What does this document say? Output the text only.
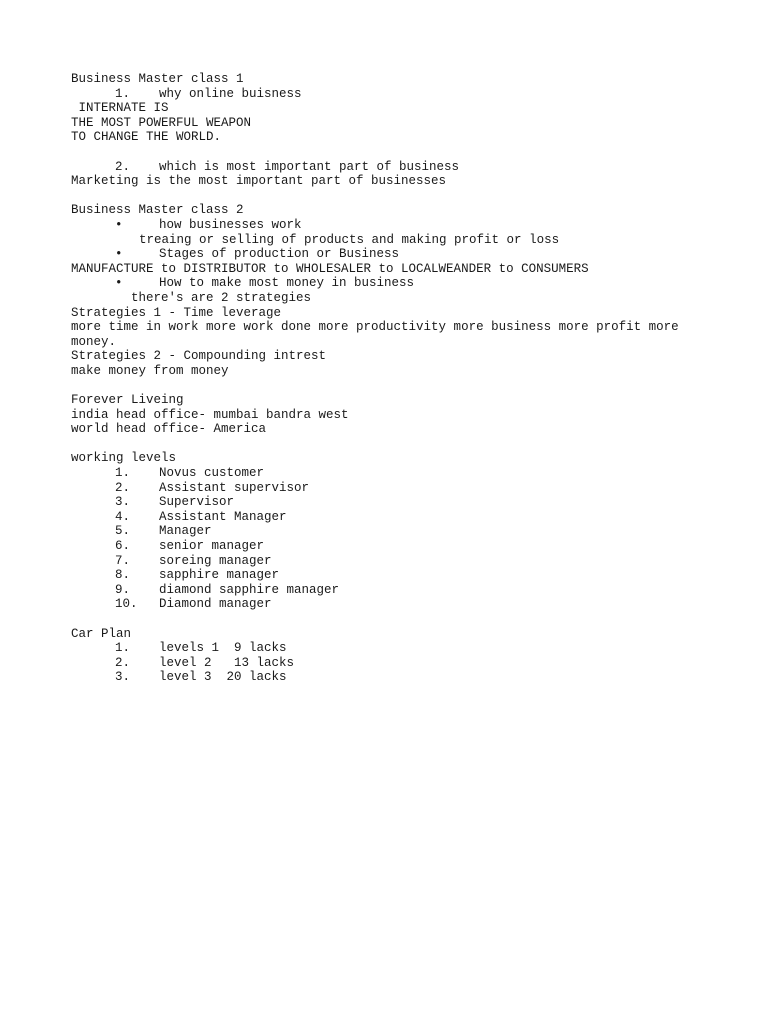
Business Master class 1
1. why online buisness
INTERNATE IS
THE MOST POWERFUL WEAPON
TO CHANGE THE WORLD.
2. which is most important part of business
Marketing is the most important part of businesses
Business Master class 2
•	how businesses work
treaing or selling of products and making profit or loss
•	Stages of production or Business
MANUFACTURE to DISTRIBUTOR to WHOLESALER to LOCALWEANDER to CONSUMERS
•	How to make most money in business
there's are 2 strategies
Strategies 1 - Time leverage
more time in work more work done more productivity more business more profit more money.
Strategies 2 - Compounding intrest
make money from money
Forever Liveing
india head office- mumbai bandra west
world head office- America
working levels
1. Novus customer
2. Assistant supervisor
3. Supervisor
4. Assistant Manager
5. Manager
6. senior manager
7. soreing manager
8. sapphire manager
9. diamond sapphire manager
10. Diamond manager
Car Plan
1. levels 1  9 lacks
2. level 2   13 lacks
3. level 3  20 lacks
